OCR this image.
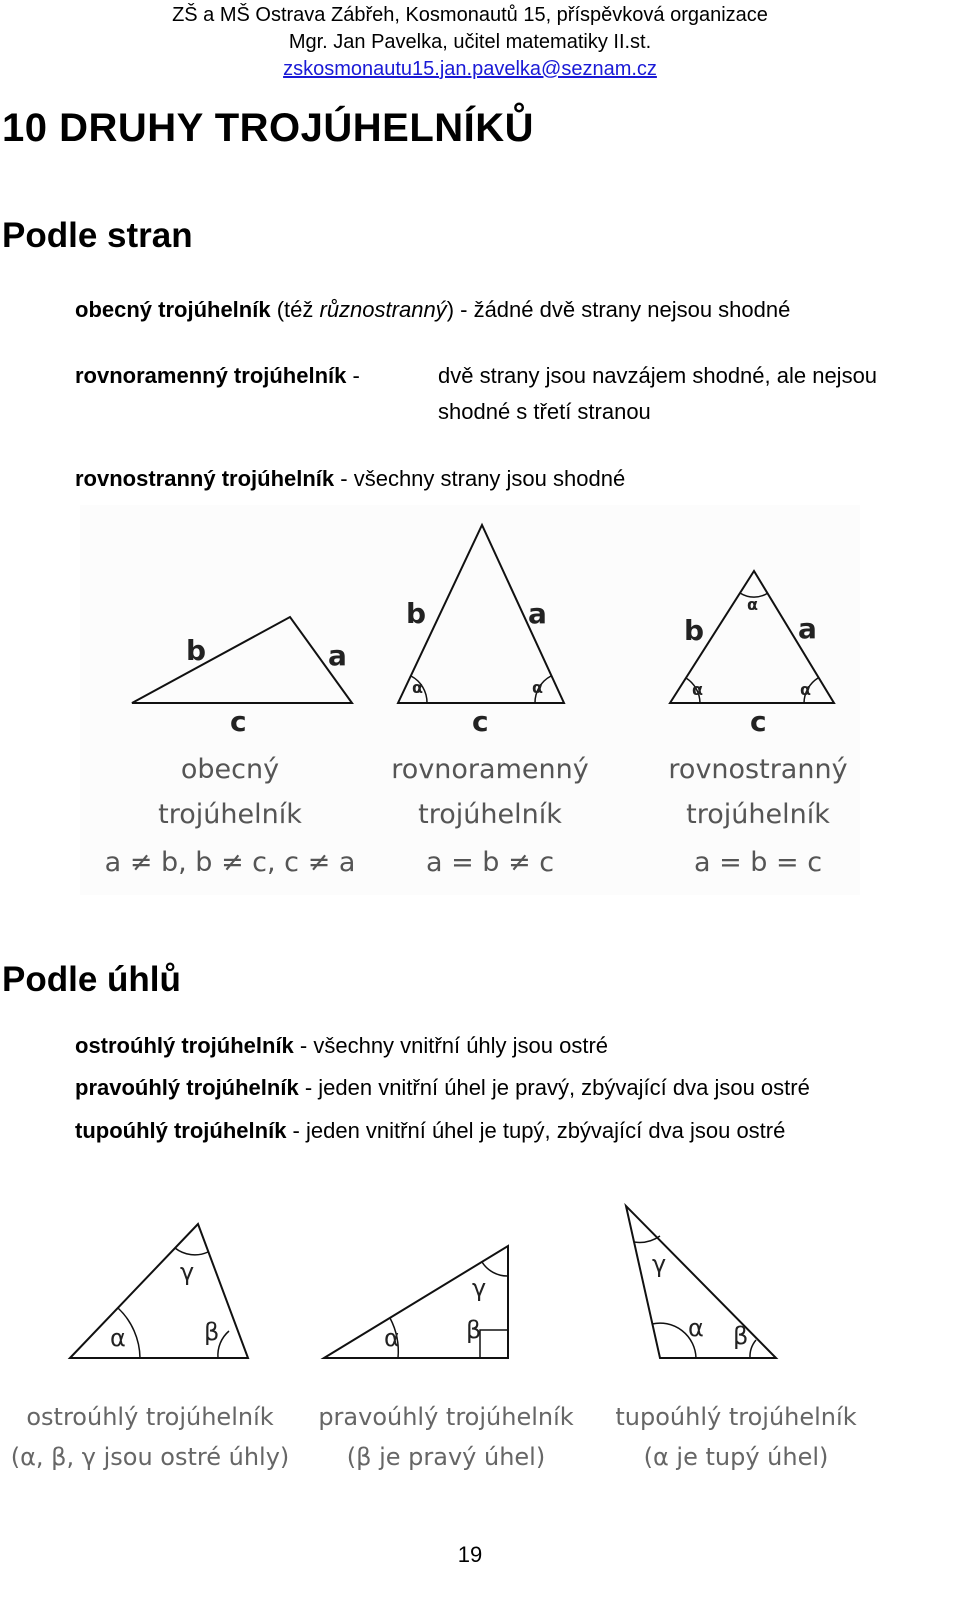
ZŠ a MŠ Ostrava Zábřeh, Kosmonautů 15, příspěvková organizace
Mgr. Jan Pavelka, učitel matematiky II.st.
zskosmonautu15.jan.pavelka@seznam.cz
10 DRUHY TROJÚHELNÍKŮ
Podle stran
obecný trojúhelník (též různostranný) - žádné dvě strany nejsou shodné
rovnoramenný trojúhelník -	dvě strany jsou navzájem shodné, ale nejsou
shodné s třetí stranou
rovnostranný trojúhelník - všechny strany jsou shodné
b	a
c
obecný
trojúhelník
a ≠ b, b ≠ c, c ≠ a
b	a
c
α	α
rovnoramenný
trojúhelník
a = b ≠ c
b	a
c
α
α	α
rovnostranný
trojúhelník
a = b = c
Podle úhlů
ostroúhlý trojúhelník - všechny vnitřní úhly jsou ostré
pravoúhlý trojúhelník - jeden vnitřní úhel je pravý, zbývající dva jsou ostré
tupoúhlý trojúhelník - jeden vnitřní úhel je tupý, zbývající dva jsou ostré
α	β
γ
ostroúhlý trojúhelník
(α, β, γ jsou ostré úhly)
α	β
γ
pravoúhlý trojúhelník
(β je pravý úhel)
α β
γ
tupoúhlý trojúhelník
(α je tupý úhel)
19
